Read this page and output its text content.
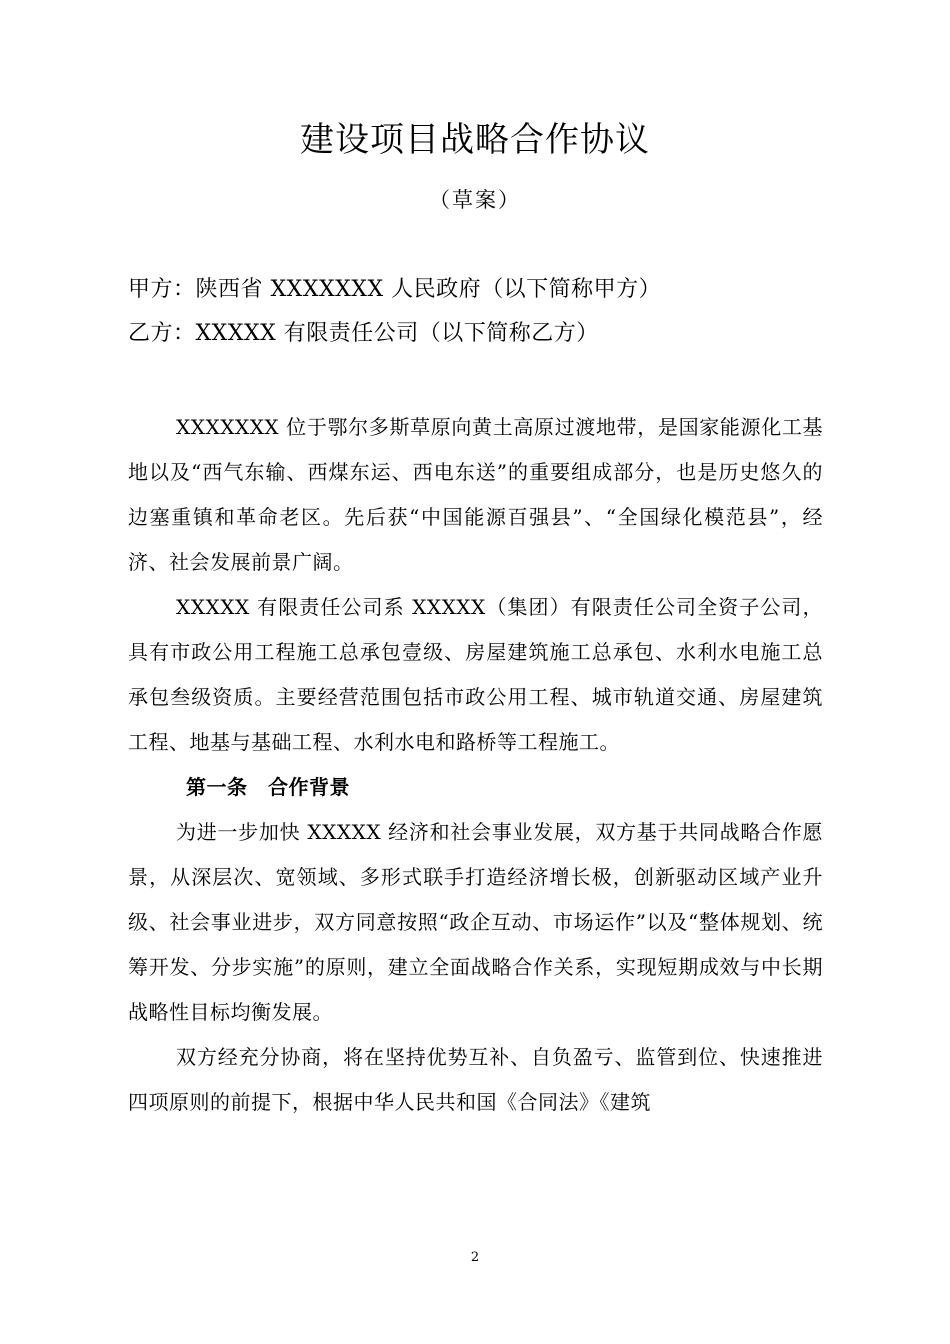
建设项目战略合作协议
（草案）
甲方：陕西省 XXXXXXX 人民政府（以下简称甲方）
乙方：XXXXX 有限责任公司（以下简称乙方）

XXXXXXX 位于鄂尔多斯草原向黄土高原过渡地带，是国家能源化工基地以及“西气东输、西煤东运、西电东送”的重要组成部分，也是历史悠久的边塞重镇和革命老区。先后获“中国能源百强县”、“全国绿化模范县”，经济、社会发展前景广阔。

XXXXX 有限责任公司系 XXXXX（集团）有限责任公司全资子公司，具有市政公用工程施工总承包壹级、房屋建筑施工总承包、水利水电施工总承包叁级资质。主要经营范围包括市政公用工程、城市轨道交通、房屋建筑工程、地基与基础工程、水利水电和路桥等工程施工。

第一条　合作背景

为进一步加快 XXXXX 经济和社会事业发展，双方基于共同战略合作愿景，从深层次、宽领域、多形式联手打造经济增长极，创新驱动区域产业升级、社会事业进步，双方同意按照“政企互动、市场运作”以及“整体规划、统筹开发、分步实施”的原则，建立全面战略合作关系，实现短期成效与中长期战略性目标均衡发展。

双方经充分协商，将在坚持优势互补、自负盈亏、监管到位、快速推进四项原则的前提下，根据中华人民共和国《合同法》《建筑

2
